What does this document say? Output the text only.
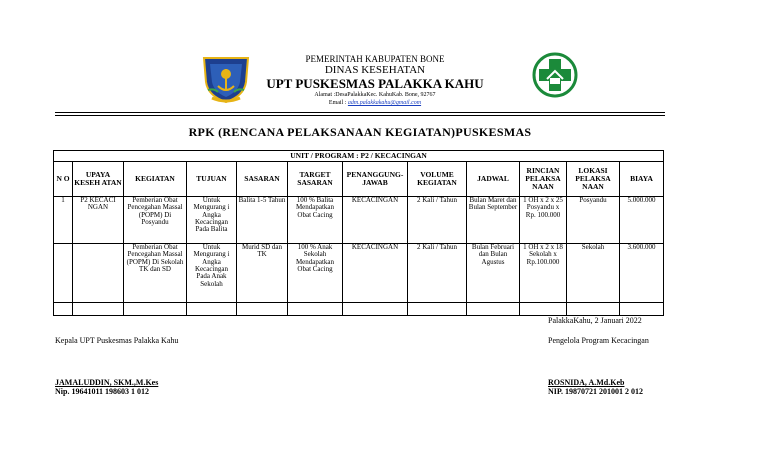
PEMERINTAH KABUPATEN BONE
DINAS KESEHATAN
UPT PUSKESMAS PALAKKA KAHU
Alamat :DesaPalakkaKec. KahuKab. Bone, 92767
Email : adm.palakkakahu@gmail.com
RPK (RENCANA PELAKSANAAN KEGIATAN)PUSKESMAS
UNIT / PROGRAM : P2 / KECACINGAN											
N O	UPAYA KESEH ATAN	KEGIATAN	TUJUAN	SASARAN	TARGET SASARAN	PENANGGUNG-JAWAB	VOLUME KEGIATAN	JADWAL	RINCIAN PELAKSA NAAN	LOKASI PELAKSA NAAN	BIAYA
1	P2 KECACI NGAN	Pemberian Obat Pencegahan Massal (POPM) Di Posyandu	Untuk Mengurang i Angka Kecacingan Pada Balita	Balita 1-5 Tahun	100 % Balita Mendapatkan Obat Cacing	KECACINGAN	2 Kali / Tahun	Bulan Maret dan Bulan September	1 OH x 2 x 25 Posyandu x Rp. 100.000	Posyandu	5.000.000
		Pemberian Obat Pencegahan Massal (POPM) Di Sekolah TK dan SD	Untuk Mengurang i Angka Kecacingan Pada Anak Sekolah	Murid SD dan TK	100 % Anak Sekolah Mendapatkan Obat Cacing	KECACINGAN	2 Kali / Tahun	Bulan Februari dan Bulan Agustus	1 OH x 2 x 18 Sekolah x Rp.100.000	Sekolah	3.600.000

PalakkaKahu, 2 Januari 2022
Kepala UPT Puskesmas Palakka Kahu	Pengelola Program Kecacingan
JAMALUDDIN, SKM.,M.Kes
Nip. 19641011 198603 1 012
ROSNIDA, A.Md.Keb
NIP. 19870721 201001 2 012
